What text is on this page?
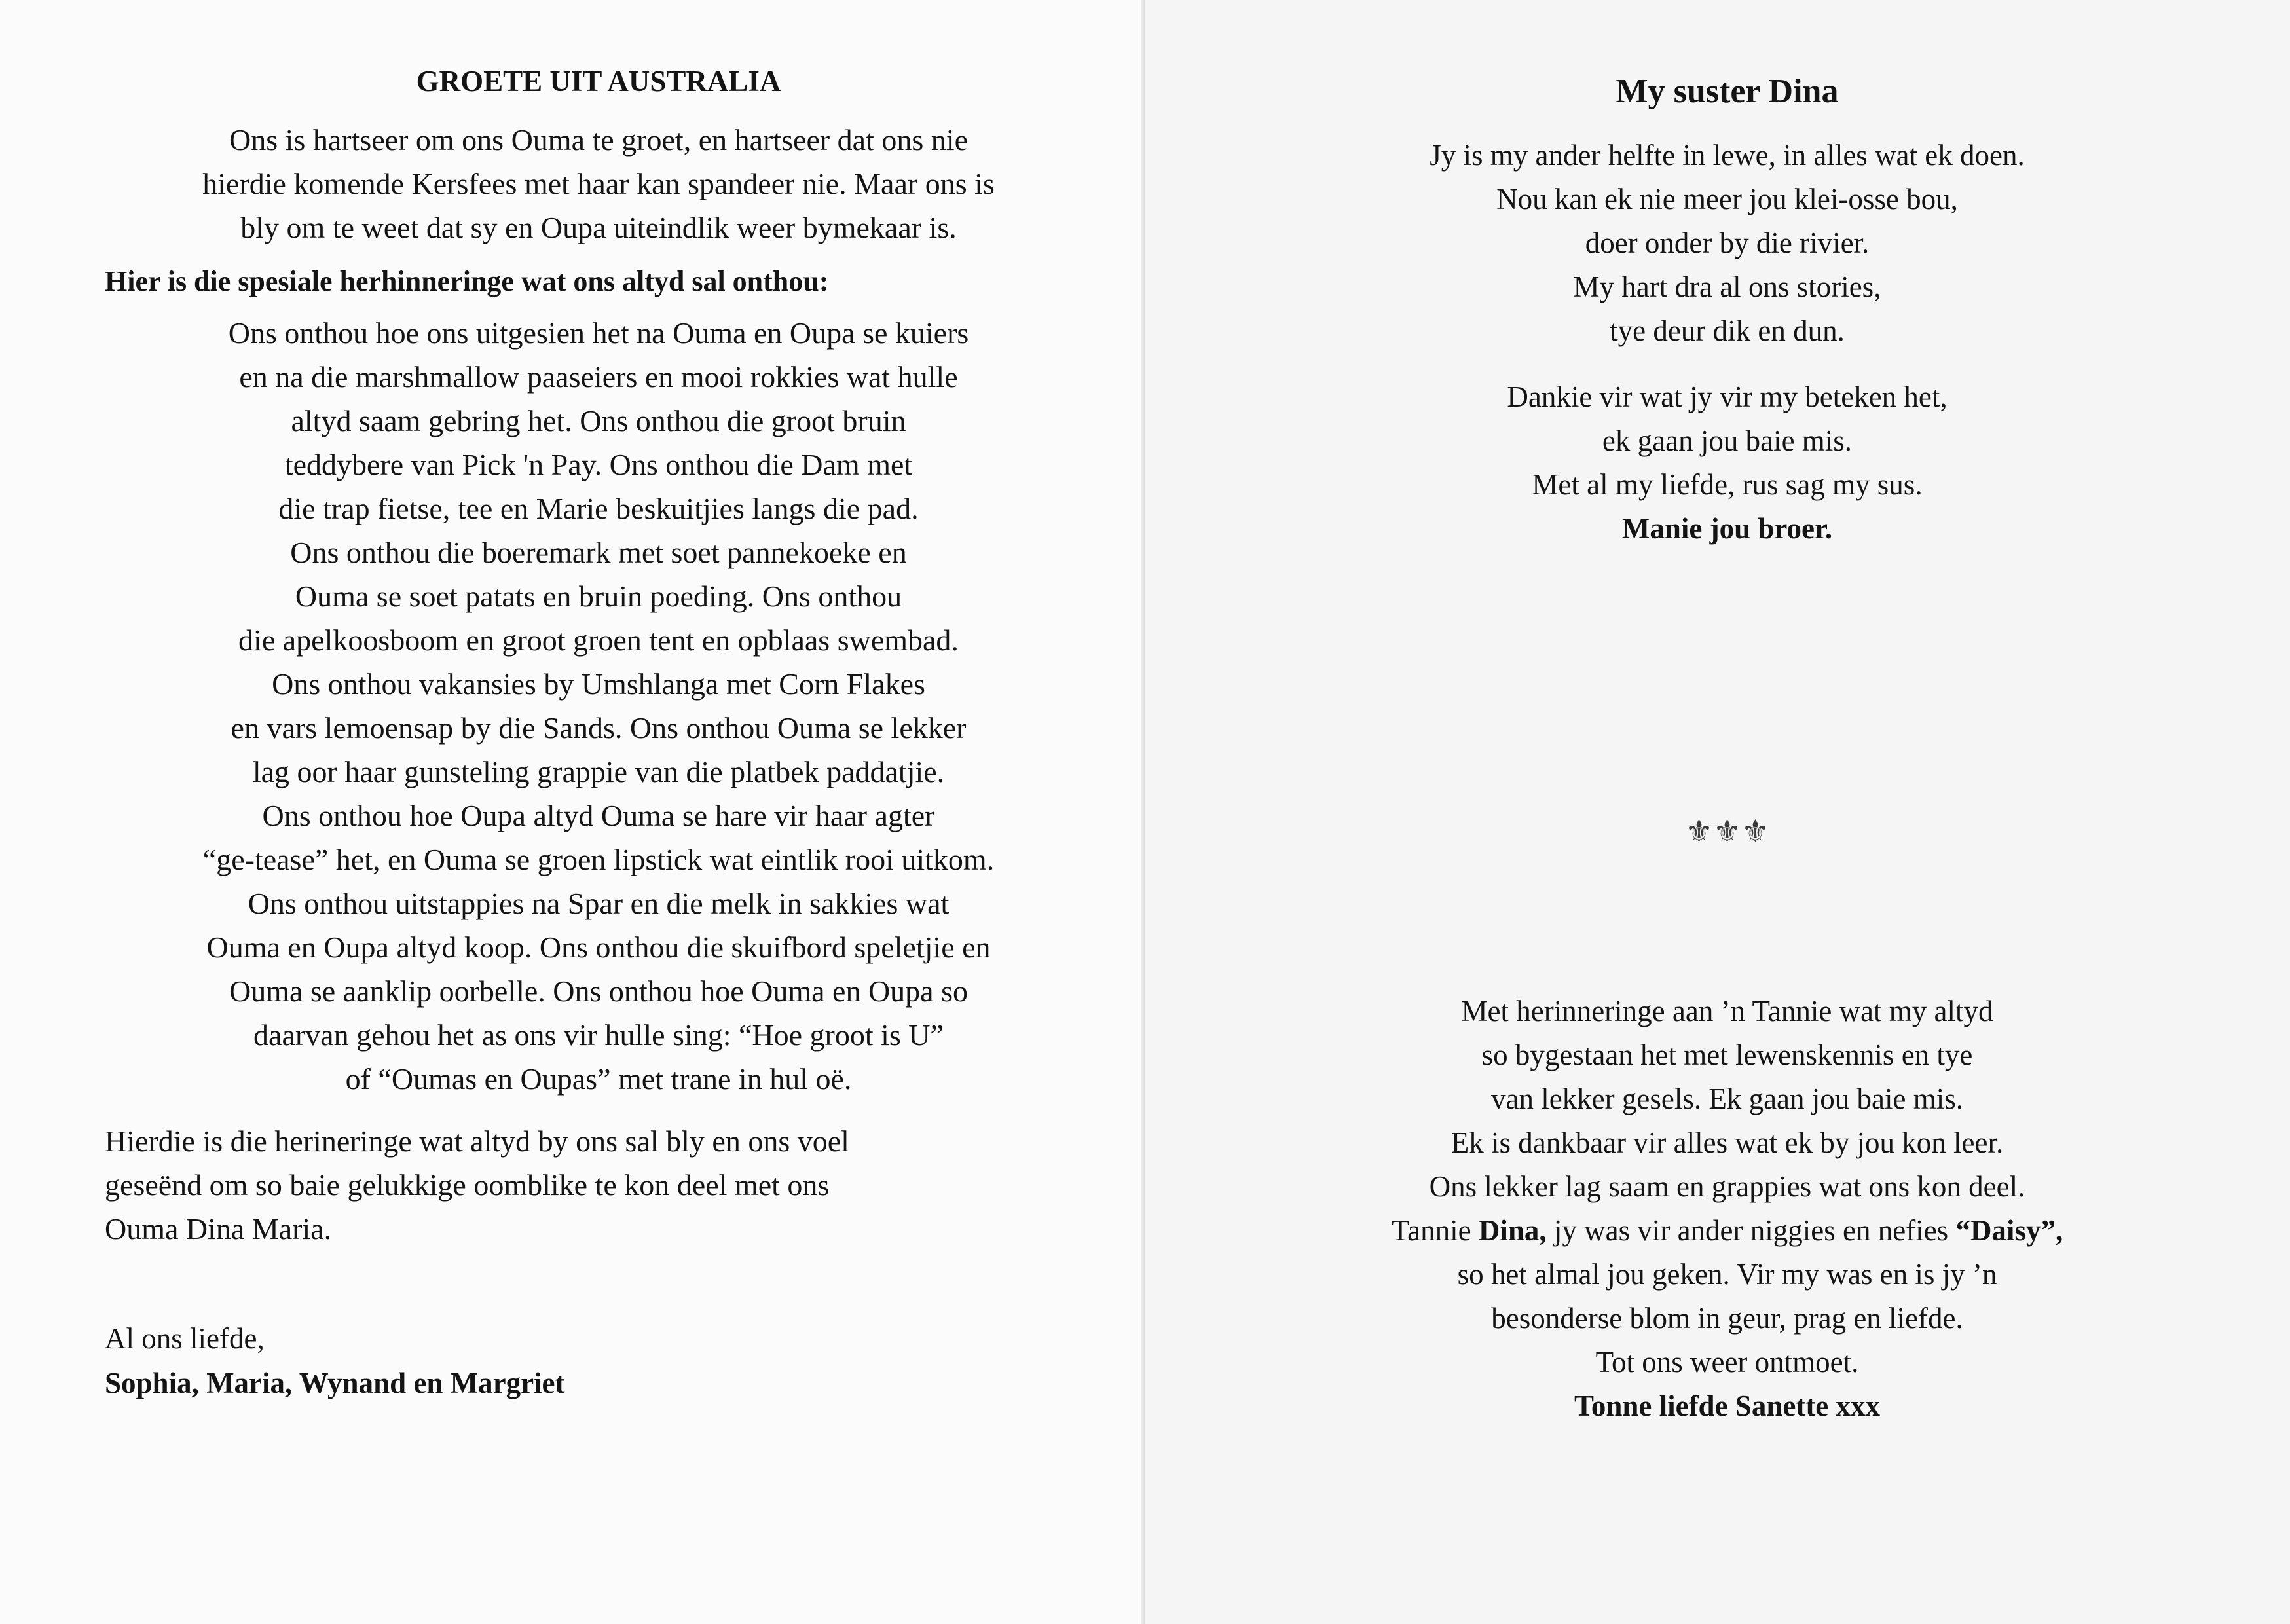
GROETE UIT AUSTRALIA

Ons is hartseer om ons Ouma te groet, en hartseer dat ons nie
hierdie komende Kersfees met haar kan spandeer nie. Maar ons is
bly om te weet dat sy en Oupa uiteindlik weer bymekaar is.

Hier is die spesiale herhinneringe wat ons altyd sal onthou:

Ons onthou hoe ons uitgesien het na Ouma en Oupa se kuiers
en na die marshmallow paaseiers en mooi rokkies wat hulle
altyd saam gebring het. Ons onthou die groot bruin
teddybere van Pick 'n Pay. Ons onthou die Dam met
die trap fietse, tee en Marie beskuitjies langs die pad.
Ons onthou die boeremark met soet pannekoeke en
Ouma se soet patats en bruin poeding. Ons onthou
die apelkoosboom en groot groen tent en opblaas swembad.
Ons onthou vakansies by Umshlanga met Corn Flakes
en vars lemoensap by die Sands. Ons onthou Ouma se lekker
lag oor haar gunsteling grappie van die platbek paddatjie.
Ons onthou hoe Oupa altyd Ouma se hare vir haar agter
“ge-tease” het, en Ouma se groen lipstick wat eintlik rooi uitkom.
Ons onthou uitstappies na Spar en die melk in sakkies wat
Ouma en Oupa altyd koop. Ons onthou die skuifbord speletjie en
Ouma se aanklip oorbelle. Ons onthou hoe Ouma en Oupa so
daarvan gehou het as ons vir hulle sing: “Hoe groot is U”
of “Oumas en Oupas” met trane in hul oë.

Hierdie is die herineringe wat altyd by ons sal bly en ons voel
geseënd om so baie gelukkige oomblike te kon deel met ons
Ouma Dina Maria.

Al ons liefde,
Sophia, Maria, Wynand en Margriet
My suster Dina

Jy is my ander helfte in lewe, in alles wat ek doen.
Nou kan ek nie meer jou klei-osse bou,
doer onder by die rivier.
My hart dra al ons stories,
tye deur dik en dun.

Dankie vir wat jy vir my beteken het,
ek gaan jou baie mis.
Met al my liefde, rus sag my sus.
Manie jou broer.

⚜⚜⚜

Met herinneringe aan ’n Tannie wat my altyd
so bygestaan het met lewenskennis en tye
van lekker gesels. Ek gaan jou baie mis.
Ek is dankbaar vir alles wat ek by jou kon leer.
Ons lekker lag saam en grappies wat ons kon deel.
Tannie Dina, jy was vir ander niggies en nefies “Daisy”,
so het almal jou geken. Vir my was en is jy ’n
besonderse blom in geur, prag en liefde.
Tot ons weer ontmoet.
Tonne liefde Sanette xxx
